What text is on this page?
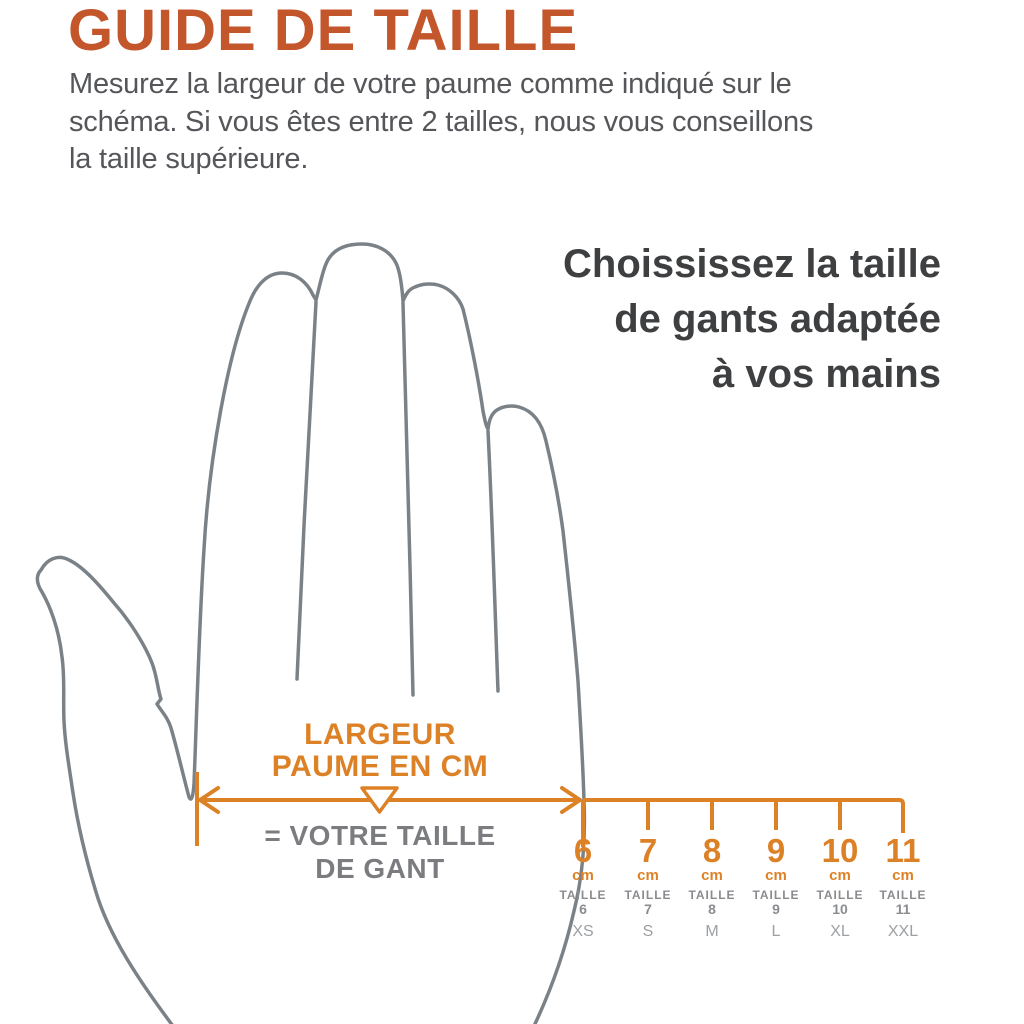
GUIDE DE TAILLE
Mesurez la largeur de votre paume comme indiqué sur le
schéma. Si vous êtes entre 2 tailles, nous vous conseillons
la taille supérieure.
Choississez la taille
de gants adaptée
à vos mains
LARGEUR
PAUME EN CM
= VOTRE TAILLE
DE GANT	6
cm
TAILLE
6
XS
7
cm
TAILLE
7
S
8
cm
TAILLE
8
M
9
cm
TAILLE
9
L
10
cm
TAILLE
10
XL
11
cm
TAILLE
11
XXL
